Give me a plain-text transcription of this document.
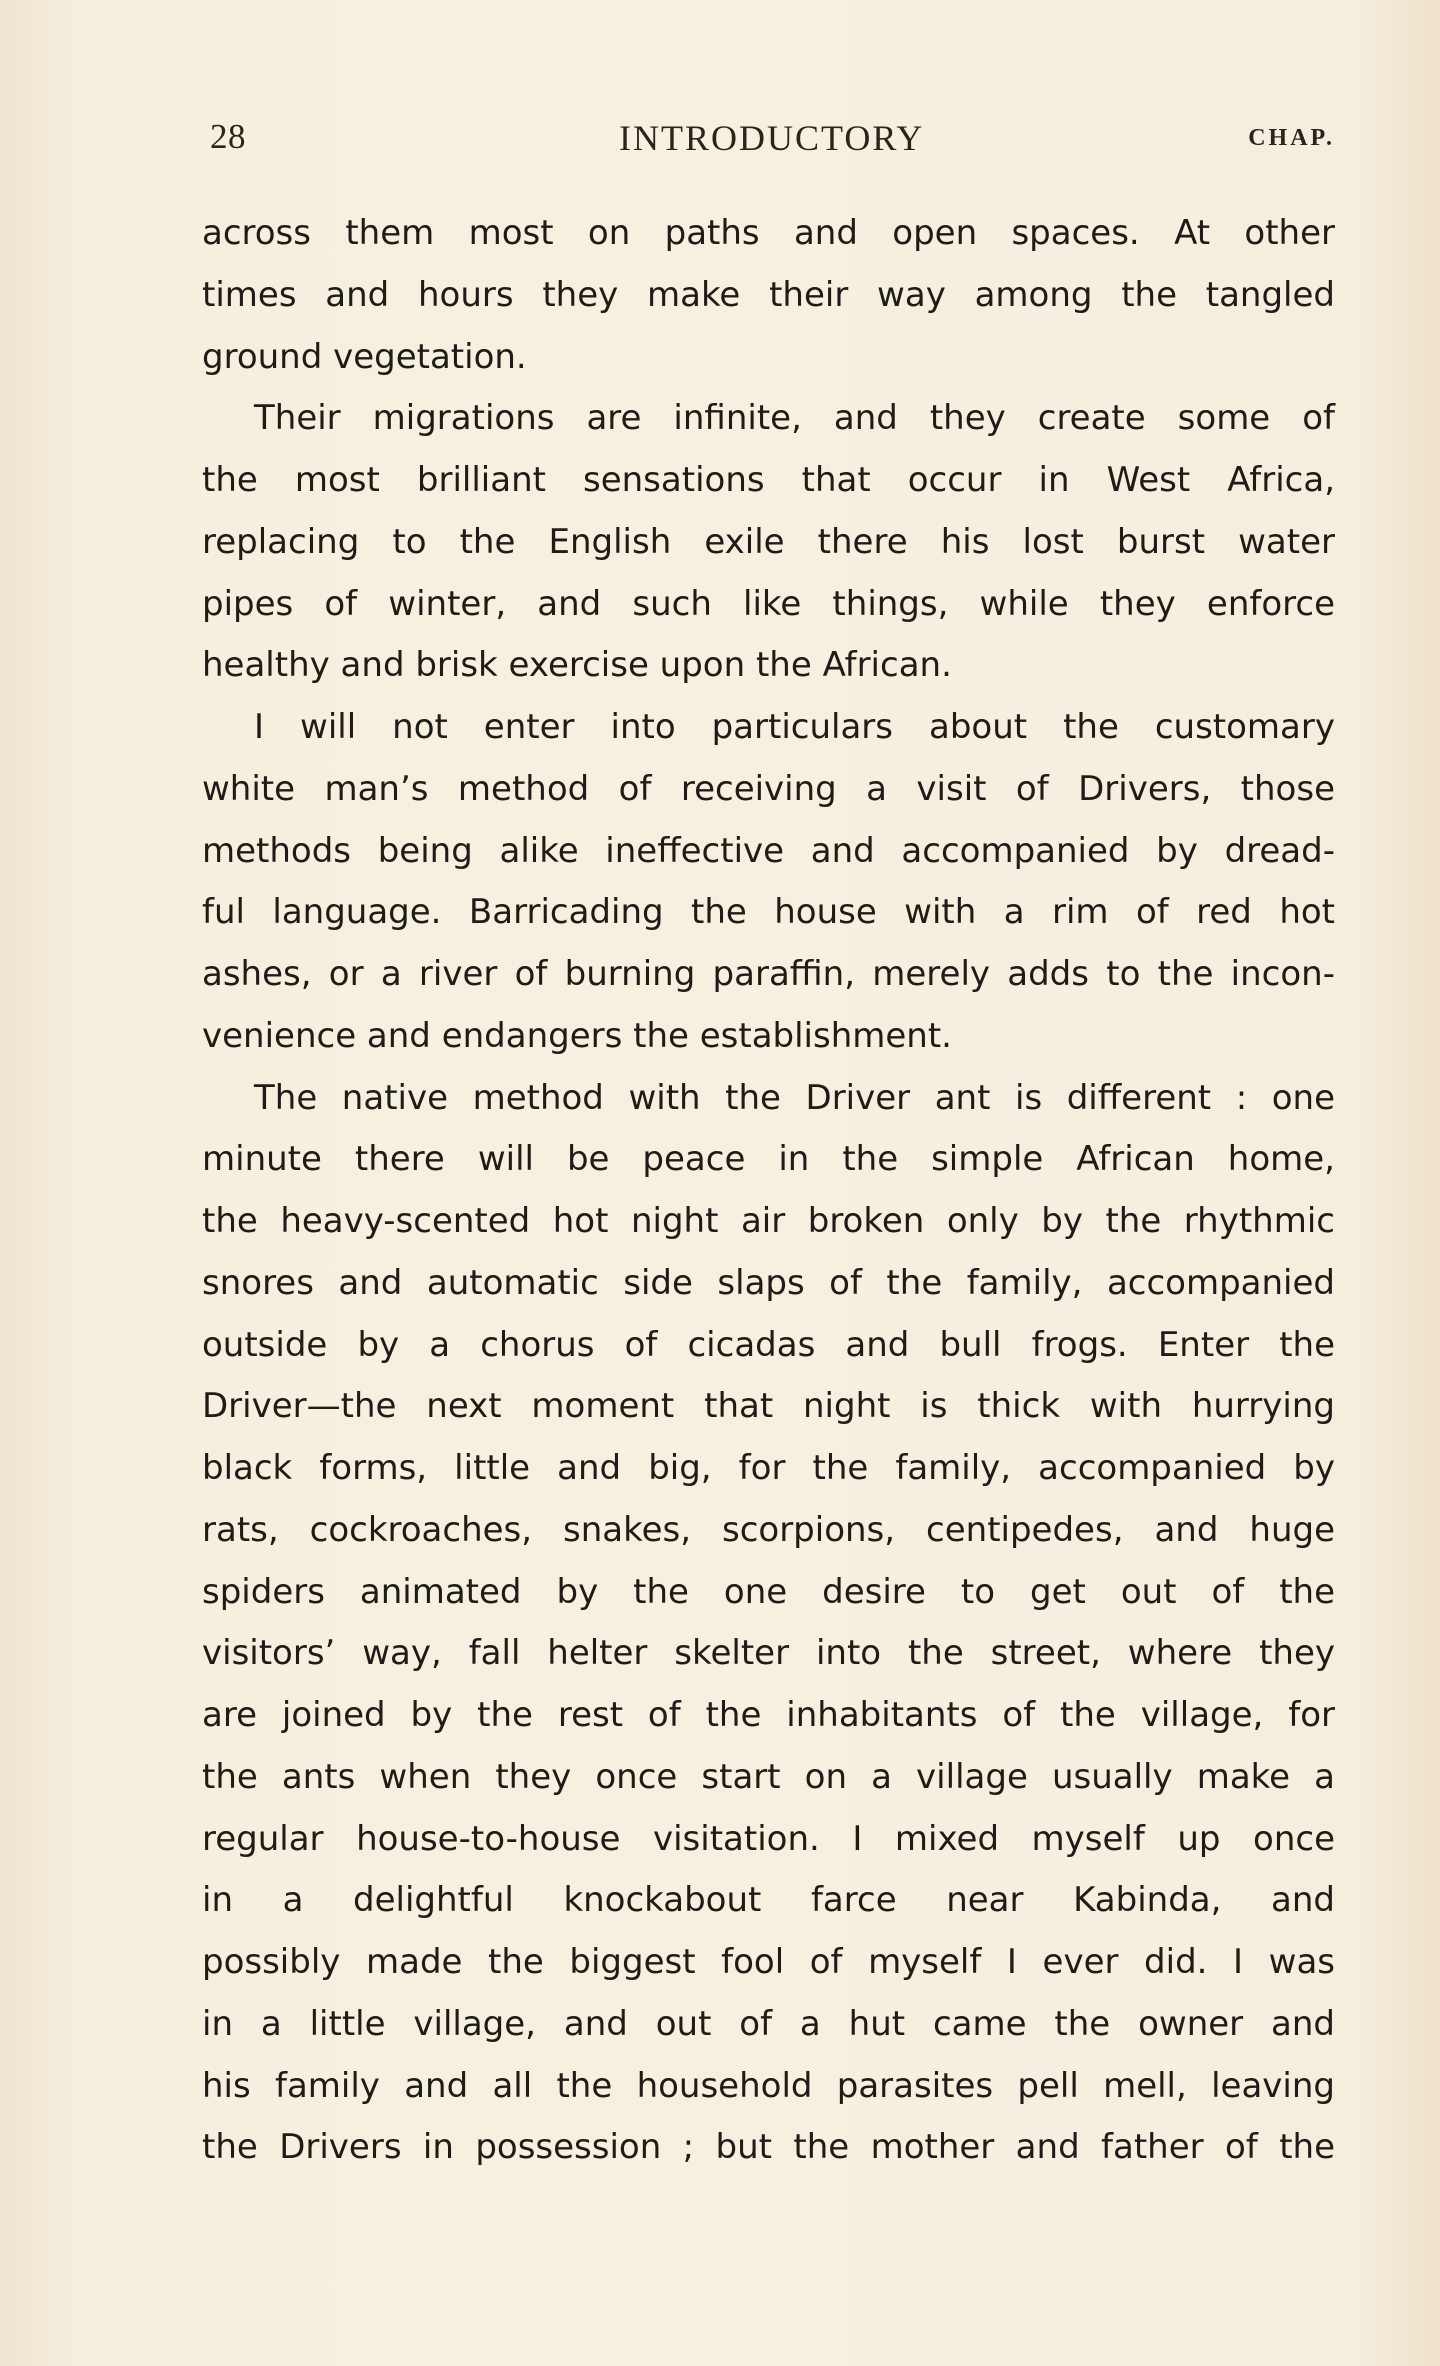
28	INTRODUCTORY	CHAP.
across them most on paths and open spaces. At other
times and hours they make their way among the tangled
ground vegetation.
Their migrations are infinite, and they create some of
the most brilliant sensations that occur in West Africa,
replacing to the English exile there his lost burst water
pipes of winter, and such like things, while they enforce
healthy and brisk exercise upon the African.
I will not enter into particulars about the customary
white man’s method of receiving a visit of Drivers, those
methods being alike ineffective and accompanied by dread-
ful language. Barricading the house with a rim of red hot
ashes, or a river of burning paraffin, merely adds to the incon-
venience and endangers the establishment.
The native method with the Driver ant is different : one
minute there will be peace in the simple African home,
the heavy-scented hot night air broken only by the rhythmic
snores and automatic side slaps of the family, accompanied
outside by a chorus of cicadas and bull frogs. Enter the
Driver—the next moment that night is thick with hurrying
black forms, little and big, for the family, accompanied by
rats, cockroaches, snakes, scorpions, centipedes, and huge
spiders animated by the one desire to get out of the
visitors’ way, fall helter skelter into the street, where they
are joined by the rest of the inhabitants of the village, for
the ants when they once start on a village usually make a
regular house-to-house visitation. I mixed myself up once
in a delightful knockabout farce near Kabinda, and
possibly made the biggest fool of myself I ever did. I was
in a little village, and out of a hut came the owner and
his family and all the household parasites pell mell, leaving
the Drivers in possession ; but the mother and father of the
